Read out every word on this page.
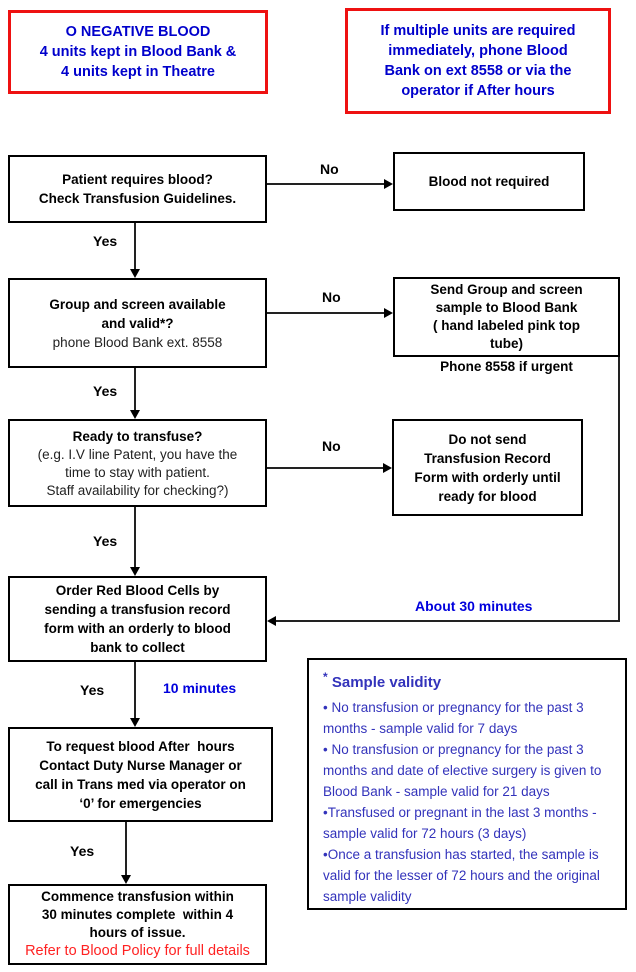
O NEGATIVE BLOOD
4 units kept in Blood Bank &
4 units kept in Theatre
If multiple units are required
immediately, phone Blood
Bank on ext 8558 or via the
operator if After hours
Patient requires blood?
Check Transfusion Guidelines.
Blood not required
No
Yes
Group and screen available
and valid*?
phone Blood Bank ext. 8558
Send Group and screen
sample to Blood Bank
( hand labeled pink top
tube)
Phone 8558 if urgent
No
Yes
Ready to transfuse?
(e.g. I.V line Patent, you have the
time to stay with patient.
Staff availability for checking?)
Do not send
Transfusion Record
Form with orderly until
ready for blood
No
Yes
Order Red Blood Cells by
sending a transfusion record
form with an orderly to blood
bank to collect
About 30 minutes
Yes	10 minutes
To request blood After  hours
Contact Duty Nurse Manager or
call in Trans med via operator on
‘0’ for emergencies
Yes
Commence transfusion within
30 minutes complete  within 4
hours of issue.
Refer to Blood Policy for full details
* Sample validity
• No transfusion or pregnancy for the past 3 months - sample valid for 7 days
• No transfusion or pregnancy for the past 3 months and date of elective surgery is given to Blood Bank - sample valid for 21 days
•Transfused or pregnant in the last 3 months - sample valid for 72 hours (3 days)
•Once a transfusion has started, the sample is valid for the lesser of 72 hours and the original sample validity
